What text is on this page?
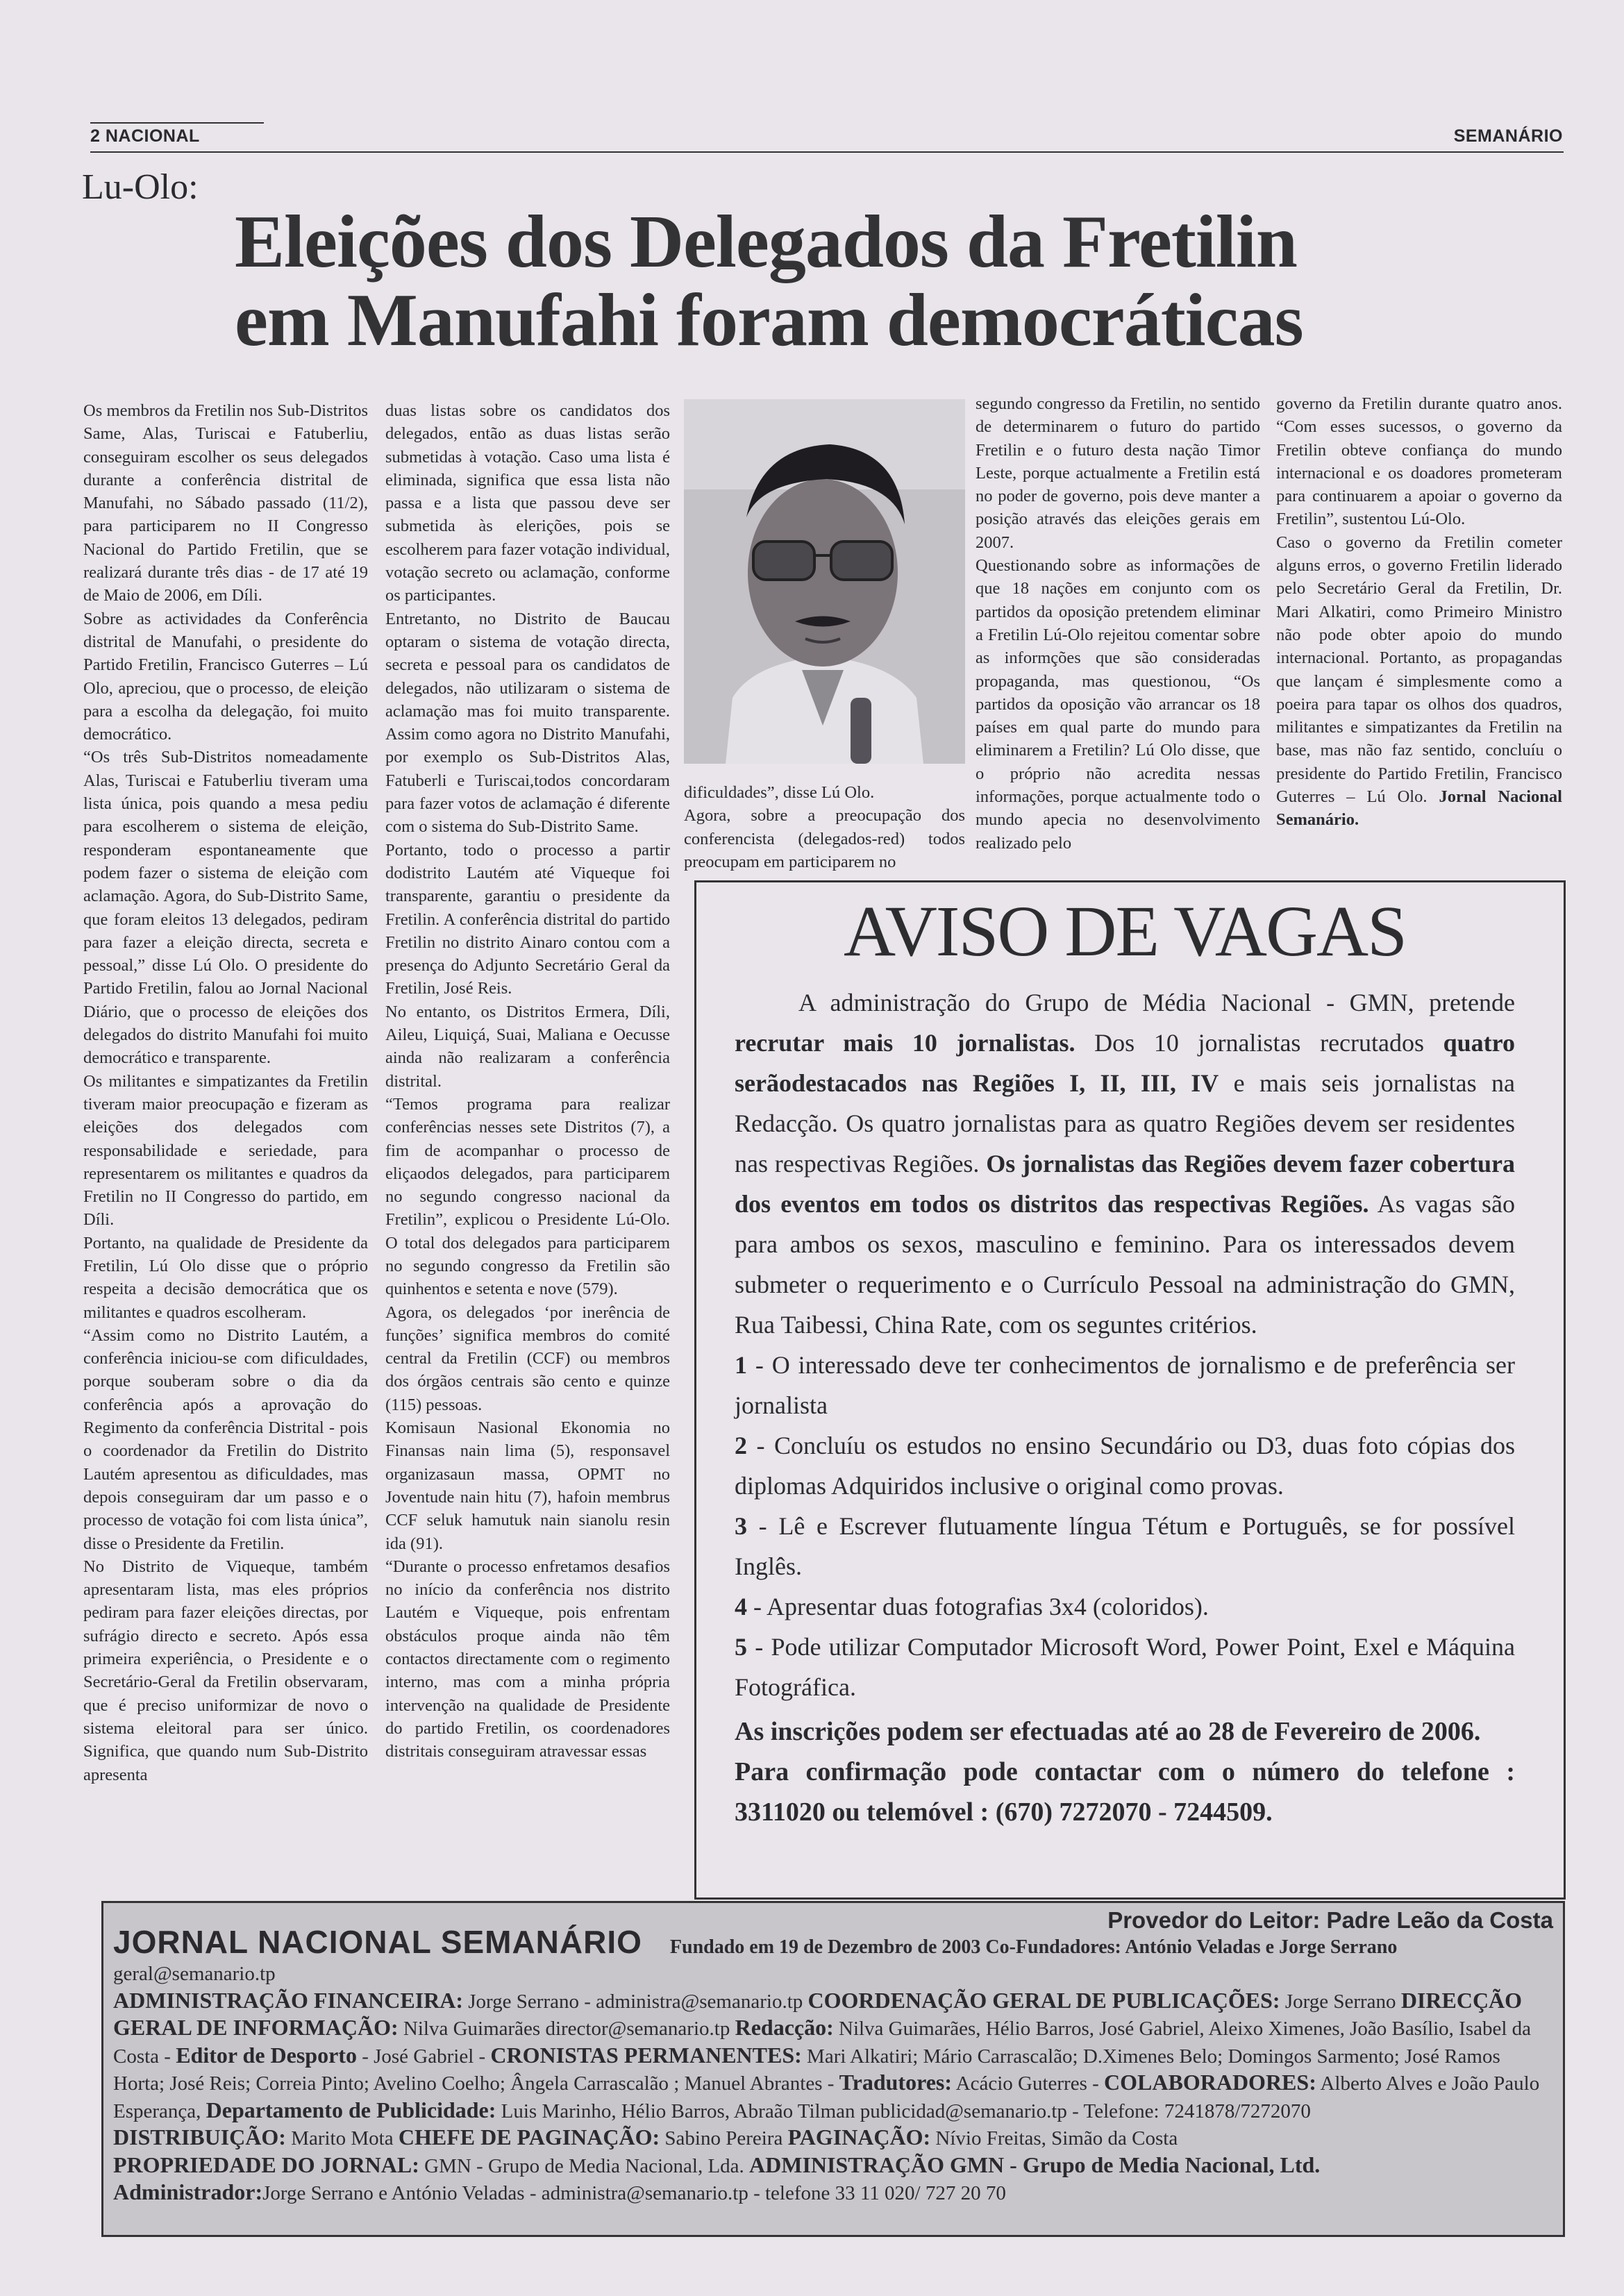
2 NACIONAL	SEMANÁRIO
Lu-Olo:
Eleições dos Delegados da Fretilin
em Manufahi foram democráticas

Os membros da Fretilin nos Sub-Distritos Same, Alas, Turiscai e Fatuberliu, conseguiram escolher os seus delegados durante a conferência distrital de Manufahi, no Sábado passado (11/2), para participarem no II Congresso Nacional do Partido Fretilin, que se realizará durante três dias - de 17 até 19 de Maio de 2006, em Díli.

Sobre as actividades da Conferência distrital de Manufahi, o presidente do Partido Fretilin, Francisco Guterres – Lú Olo, apreciou, que o processo, de eleição para a escolha da delegação, foi muito democrático.

“Os três Sub-Distritos nomeadamente Alas, Turiscai e Fatuberliu tiveram uma lista única, pois quando a mesa pediu para escolherem o sistema de eleição, responderam espontaneamente que podem fazer o sistema de eleição com aclamação. Agora, do Sub-Distrito Same, que foram eleitos 13 delegados, pediram para fazer a eleição directa, secreta e pessoal,” disse Lú Olo. O presidente do Partido Fretilin, falou ao Jornal Nacional Diário, que o processo de eleições dos delegados do distrito Manufahi foi muito democrático e transparente.

Os militantes e simpatizantes da Fretilin tiveram maior preocupação e fizeram as eleições dos delegados com responsabilidade e seriedade, para representarem os militantes e quadros da Fretilin no II Congresso do partido, em Díli.

Portanto, na qualidade de Presidente da Fretilin, Lú Olo disse que o próprio respeita a decisão democrática que os militantes e quadros escolheram.

“Assim como no Distrito Lautém, a conferência iniciou-se com dificuldades, porque souberam sobre o dia da conferência após a aprovação do Regimento da conferência Distrital - pois o coordenador da Fretilin do Distrito Lautém apresentou as dificuldades, mas depois conseguiram dar um passo e o processo de votação foi com lista única”, disse o Presidente da Fretilin.

No Distrito de Viqueque, também apresentaram lista, mas eles próprios pediram para fazer eleições directas, por sufrágio directo e secreto. Após essa primeira experiência, o Presidente e o Secretário-Geral da Fretilin observaram, que é preciso uniformizar de novo o sistema eleitoral para ser único. Significa, que quando num Sub-Distrito apresenta

duas listas sobre os candidatos dos delegados, então as duas listas serão submetidas à votação. Caso uma lista é eliminada, significa que essa lista não passa e a lista que passou deve ser submetida às elerições, pois se escolherem para fazer votação individual, votação secreto ou aclamação, conforme os participantes.

Entretanto, no Distrito de Baucau optaram o sistema de votação directa, secreta e pessoal para os candidatos de delegados, não utilizaram o sistema de aclamação mas foi muito transparente. Assim como agora no Distrito Manufahi, por exemplo os Sub-Distritos Alas, Fatuberli e Turiscai,todos concordaram para fazer votos de aclamação é diferente com o sistema do Sub-Distrito Same.

Portanto, todo o processo a partir dodistrito Lautém até Viqueque foi transparente, garantiu o presidente da Fretilin. A conferência distrital do partido Fretilin no distrito Ainaro contou com a presença do Adjunto Secretário Geral da Fretilin, José Reis.

No entanto, os Distritos Ermera, Díli, Aileu, Liquiçá, Suai, Maliana e Oecusse ainda não realizaram a conferência distrital.

“Temos programa para realizar conferências nesses sete Distritos (7), a fim de acompanhar o processo de eliçaodos delegados, para participarem no segundo congresso nacional da Fretilin”, explicou o Presidente Lú-Olo. O total dos delegados para participarem no segundo congresso da Fretilin são quinhentos e setenta e nove (579).

Agora, os delegados ‘por inerência de funções’ significa membros do comité central da Fretilin (CCF) ou membros dos órgãos centrais são cento e quinze (115) pessoas.

Komisaun Nasional Ekonomia no Finansas nain lima (5), responsavel organizasaun massa, OPMT no Joventude nain hitu (7), hafoin membrus CCF seluk hamutuk nain sianolu resin ida (91).

“Durante o processo enfretamos desafios no início da conferência nos distrito Lautém e Viqueque, pois enfrentam obstáculos proque ainda não têm contactos directamente com o regimento interno, mas com a minha própria intervenção na qualidade de Presidente do partido Fretilin, os coordenadores distritais conseguiram atravessar essas

dificuldades”, disse Lú Olo.

Agora, sobre a preocupação dos conferencista (delegados-red) todos preocupam em participarem no

segundo congresso da Fretilin, no sentido de determinarem o futuro do partido Fretilin e o futuro desta nação Timor Leste, porque actualmente a Fretilin está no poder de governo, pois deve manter a posição através das eleições gerais em 2007.

Questionando sobre as informações de que 18 nações em conjunto com os partidos da oposição pretendem eliminar a Fretilin Lú-Olo rejeitou comentar sobre as informções que são consideradas propaganda, mas questionou, “Os partidos da oposição vão arrancar os 18 países em qual parte do mundo para eliminarem a Fretilin? Lú Olo disse, que o próprio não acredita nessas informações, porque actualmente todo o mundo apecia no desenvolvimento realizado pelo

governo da Fretilin durante quatro anos. “Com esses sucessos, o governo da Fretilin obteve confiança do mundo internacional e os doadores prometeram para continuarem a apoiar o governo da Fretilin”, sustentou Lú-Olo.

Caso o governo da Fretilin cometer alguns erros, o governo Fretilin liderado pelo Secretário Geral da Fretilin, Dr. Mari Alkatiri, como Primeiro Ministro não pode obter apoio do mundo internacional. Portanto, as propagandas que lançam é simplesmente como a poeira para tapar os olhos dos quadros, militantes e simpatizantes da Fretilin na base, mas não faz sentido, concluíu o presidente do Partido Fretilin, Francisco Guterres – Lú Olo. Jornal Nacional Semanário.

AVISO DE VAGAS
A administração do Grupo de Média Nacional - GMN, pretende recrutar mais 10 jornalistas. Dos 10 jornalistas recrutados quatro serãodestacados nas Regiões I, II, III, IV e mais seis jornalistas na Redacção. Os quatro jornalistas para as quatro Regiões devem ser residentes nas respectivas Regiões. Os jornalistas das Regiões devem fazer cobertura dos eventos em todos os distritos das respectivas Regiões. As vagas são para ambos os sexos, masculino e feminino. Para os interessados devem submeter o requerimento e o Currículo Pessoal na administração do GMN, Rua Taibessi, China Rate, com os seguntes critérios.
1 - O interessado deve ter conhecimentos de jornalismo e de preferência ser jornalista
2 - Concluíu os estudos no ensino Secundário ou D3, duas foto cópias dos diplomas Adquiridos inclusive o original como provas.
3 - Lê e Escrever flutuamente língua Tétum e Português, se for possível Inglês.
4 - Apresentar duas fotografias 3x4 (coloridos).
5 - Pode utilizar Computador Microsoft Word, Power Point, Exel e Máquina Fotográfica.
As inscrições podem ser efectuadas até ao 28 de Fevereiro de 2006.
Para confirmação pode contactar com o número do telefone : 3311020 ou telemóvel : (670) 7272070 - 7244509.
Provedor do Leitor: Padre Leão da Costa
JORNAL NACIONAL SEMANÁRIO Fundado em 19 de Dezembro de 2003 Co-Fundadores: António Veladas e Jorge Serrano
geral@semanario.tp
ADMINISTRAÇÃO FINANCEIRA: Jorge Serrano - administra@semanario.tp COORDENAÇÃO GERAL DE PUBLICAÇÕES: Jorge Serrano DIRECÇÃO GERAL DE INFORMAÇÃO: Nilva Guimarães director@semanario.tp Redacção: Nilva Guimarães, Hélio Barros, José Gabriel, Aleixo Ximenes, João Basílio, Isabel da Costa - Editor de Desporto - José Gabriel - CRONISTAS PERMANENTES: Mari Alkatiri; Mário Carrascalão; D.Ximenes Belo; Domingos Sarmento; José Ramos Horta; José Reis; Correia Pinto; Avelino Coelho; Ângela Carrascalão ; Manuel Abrantes - Tradutores: Acácio Guterres - COLABORADORES: Alberto Alves e João Paulo Esperança, Departamento de Publicidade: Luis Marinho, Hélio Barros, Abraão Tilman publicidad@semanario.tp - Telefone: 7241878/7272070
DISTRIBUIÇÃO: Marito Mota CHEFE DE PAGINAÇÃO: Sabino Pereira PAGINAÇÃO: Nívio Freitas, Simão da Costa
PROPRIEDADE DO JORNAL: GMN - Grupo de Media Nacional, Lda. ADMINISTRAÇÃO GMN - Grupo de Media Nacional, Ltd.
Administrador:Jorge Serrano e António Veladas - administra@semanario.tp - telefone 33 11 020/ 727 20 70
